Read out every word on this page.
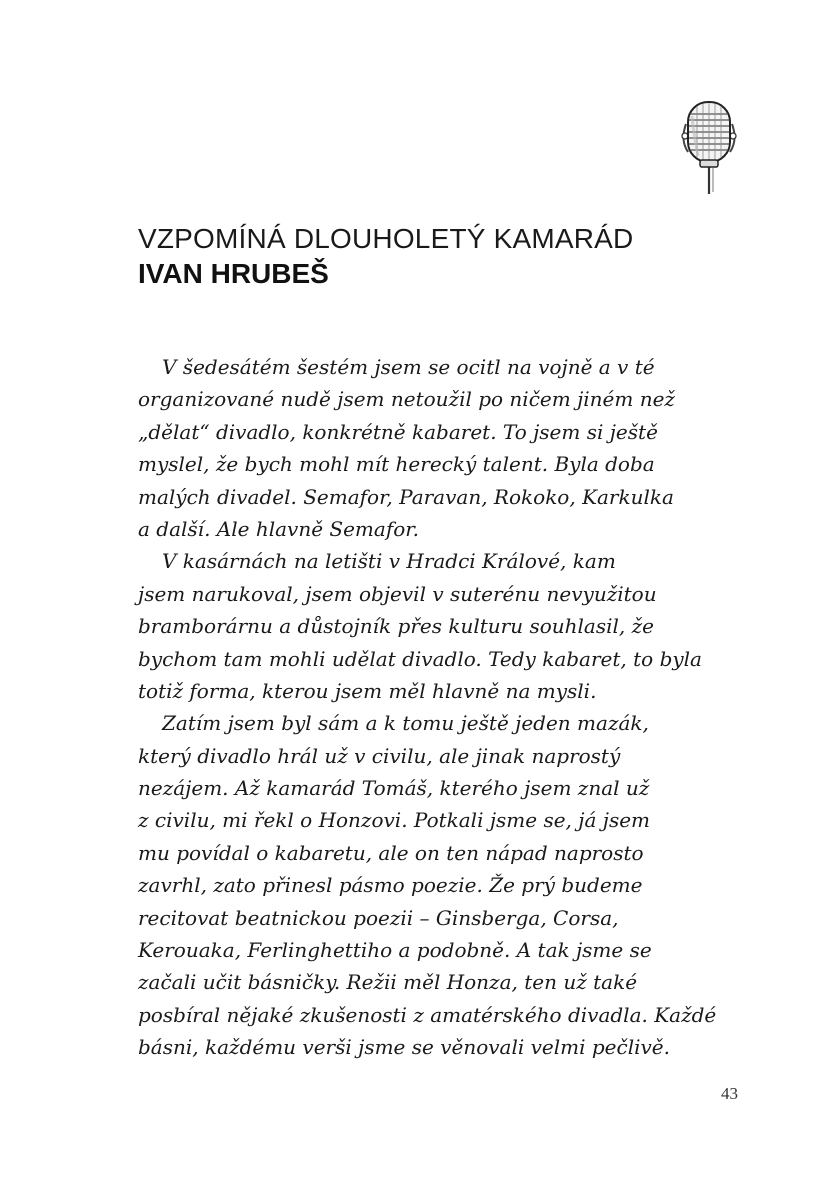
VZPOMÍNÁ DLOUHOLETÝ KAMARÁD
IVAN HRUBEŠ
V šedesátém šestém jsem se ocitl na vojně a v té
organizované nudě jsem netoužil po ničem jiném než
„dělat“ divadlo, konkrétně kabaret. To jsem si ještě
myslel, že bych mohl mít herecký talent. Byla doba
malých divadel. Semafor, Paravan, Rokoko, Karkulka
a další. Ale hlavně Semafor.
V kasárnách na letišti v Hradci Králové, kam
jsem narukoval, jsem objevil v suterénu nevyužitou
bramborárnu a důstojník přes kulturu souhlasil, že
bychom tam mohli udělat divadlo. Tedy kabaret, to byla
totiž forma, kterou jsem měl hlavně na mysli.
Zatím jsem byl sám a k tomu ještě jeden mazák,
který divadlo hrál už v civilu, ale jinak naprostý
nezájem. Až kamarád Tomáš, kterého jsem znal už
z civilu, mi řekl o Honzovi. Potkali jsme se, já jsem
mu povídal o kabaretu, ale on ten nápad naprosto
zavrhl, zato přinesl pásmo poezie. Že prý budeme
recitovat beatnickou poezii – Ginsberga, Corsa,
Kerouaka, Ferlinghettiho a podobně. A tak jsme se
začali učit básničky. Režii měl Honza, ten už také
posbíral nějaké zkušenosti z amatérského divadla. Každé
básni, každému verši jsme se věnovali velmi pečlivě.
43
